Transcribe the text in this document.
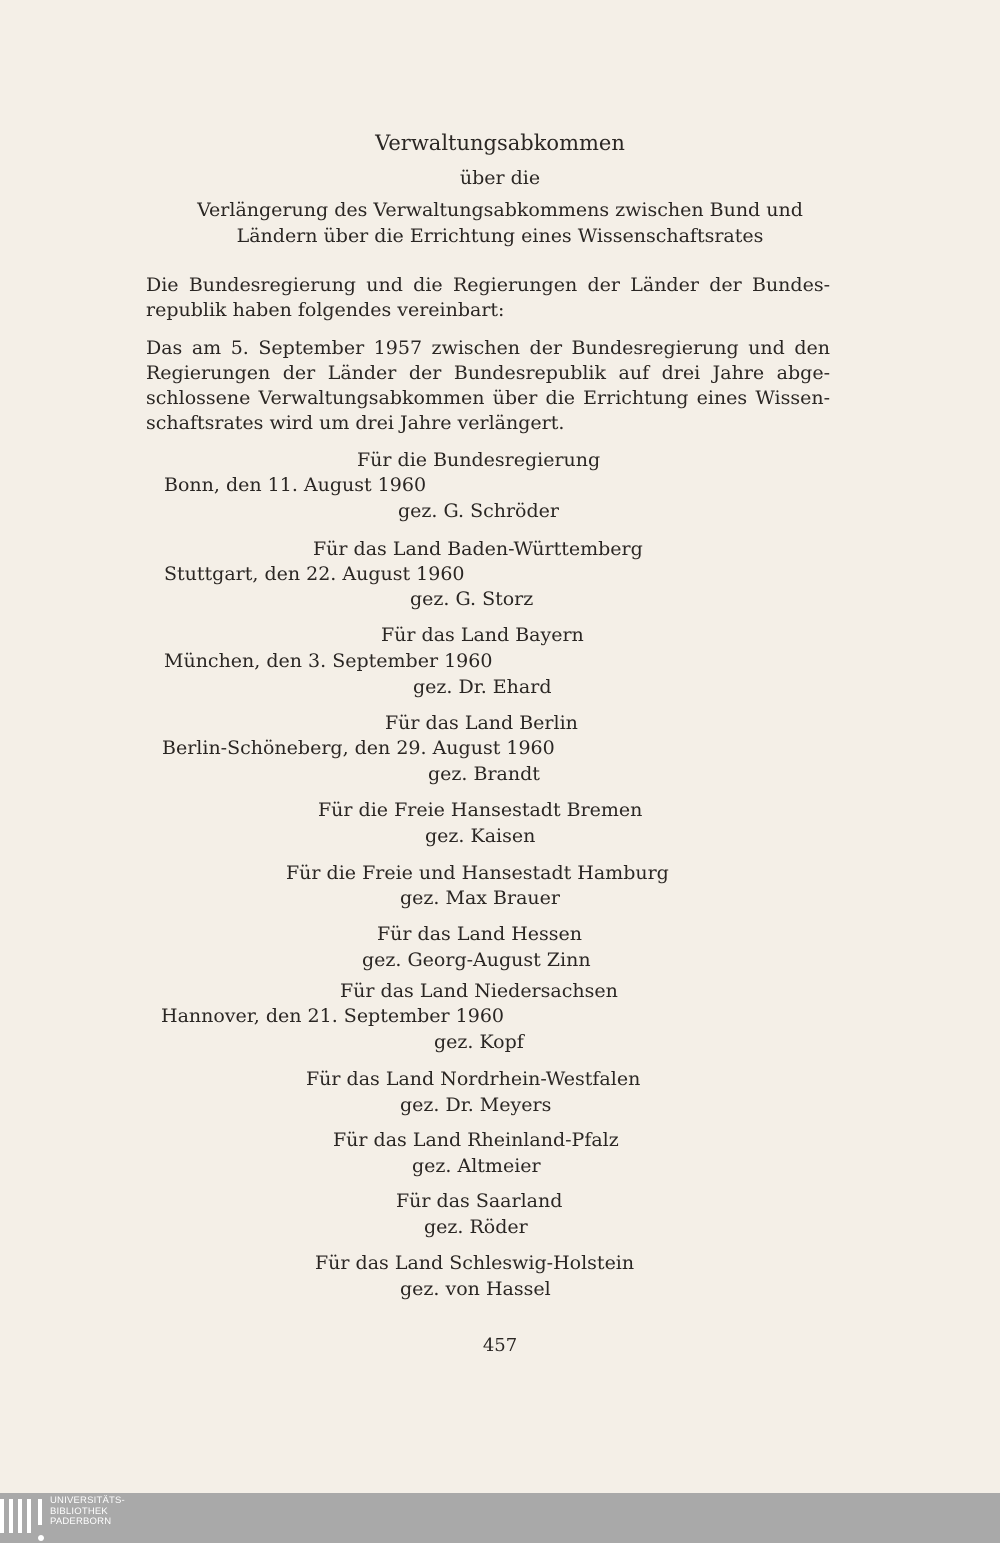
Verwaltungsabkommen
über die
Verlängerung des Verwaltungsabkommens zwischen Bund und
Ländern über die Errichtung eines Wissenschaftsrates
Die Bundesregierung und die Regierungen der Länder der Bundes-
republik haben folgendes vereinbart:
Das am 5. September 1957 zwischen der Bundesregierung und den
Regierungen der Länder der Bundesrepublik auf drei Jahre abge-
schlossene Verwaltungsabkommen über die Errichtung eines Wissen-
schaftsrates wird um drei Jahre verlängert.
Für die Bundesregierung
Bonn, den 11. August 1960
gez. G. Schröder
Für das Land Baden-Württemberg
Stuttgart, den 22. August 1960
gez. G. Storz
Für das Land Bayern
München, den 3. September 1960
gez. Dr. Ehard
Für das Land Berlin
Berlin-Schöneberg, den 29. August 1960
gez. Brandt
Für die Freie Hansestadt Bremen
gez. Kaisen
Für die Freie und Hansestadt Hamburg
gez. Max Brauer
Für das Land Hessen
gez. Georg-August Zinn
Für das Land Niedersachsen
Hannover, den 21. September 1960
gez. Kopf
Für das Land Nordrhein-Westfalen
gez. Dr. Meyers
Für das Land Rheinland-Pfalz
gez. Altmeier
Für das Saarland
gez. Röder
Für das Land Schleswig-Holstein
gez. von Hassel
457
UNIVERSITÄTS-
BIBLIOTHEK
PADERBORN
